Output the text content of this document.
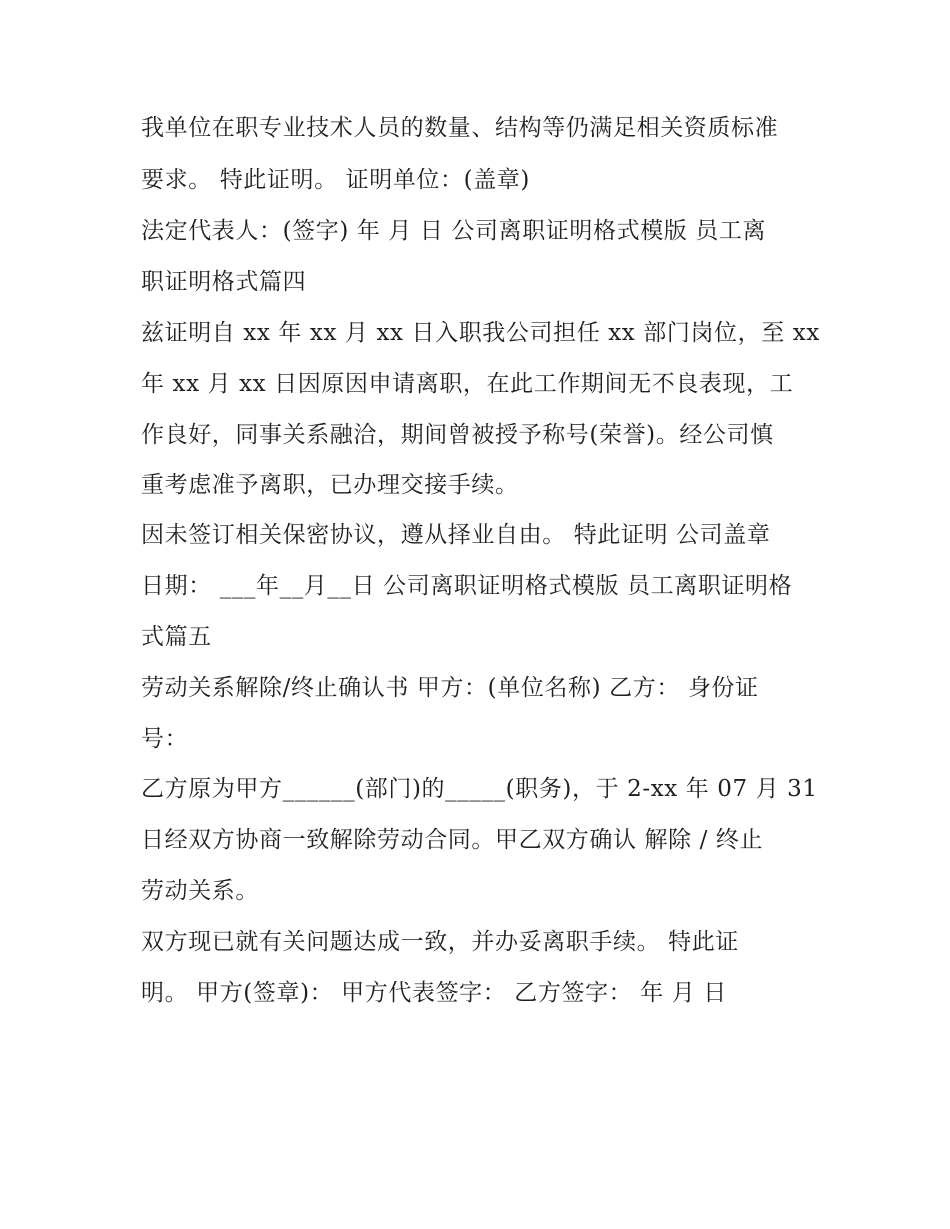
我单位在职专业技术人员的数量、结构等仍满足相关资质标准
要求。 特此证明。 证明单位：(盖章)
法定代表人：(签字) 年 月 日 公司离职证明格式模版 员工离
职证明格式篇四
兹证明自 xx 年 xx 月 xx 日入职我公司担任 xx 部门岗位，至 xx
年 xx 月 xx 日因原因申请离职，在此工作期间无不良表现，工
作良好，同事关系融洽，期间曾被授予称号(荣誉)。经公司慎
重考虑准予离职，已办理交接手续。
因未签订相关保密协议，遵从择业自由。 特此证明 公司盖章
日期： ___年__月__日 公司离职证明格式模版 员工离职证明格
式篇五
劳动关系解除/终止确认书 甲方：(单位名称) 乙方： 身份证
号：
乙方原为甲方______(部门)的_____(职务)，于 2-xx 年 07 月 31
日经双方协商一致解除劳动合同。甲乙双方确认 解除 / 终止
劳动关系。
双方现已就有关问题达成一致，并办妥离职手续。 特此证
明。 甲方(签章)： 甲方代表签字： 乙方签字： 年 月 日
